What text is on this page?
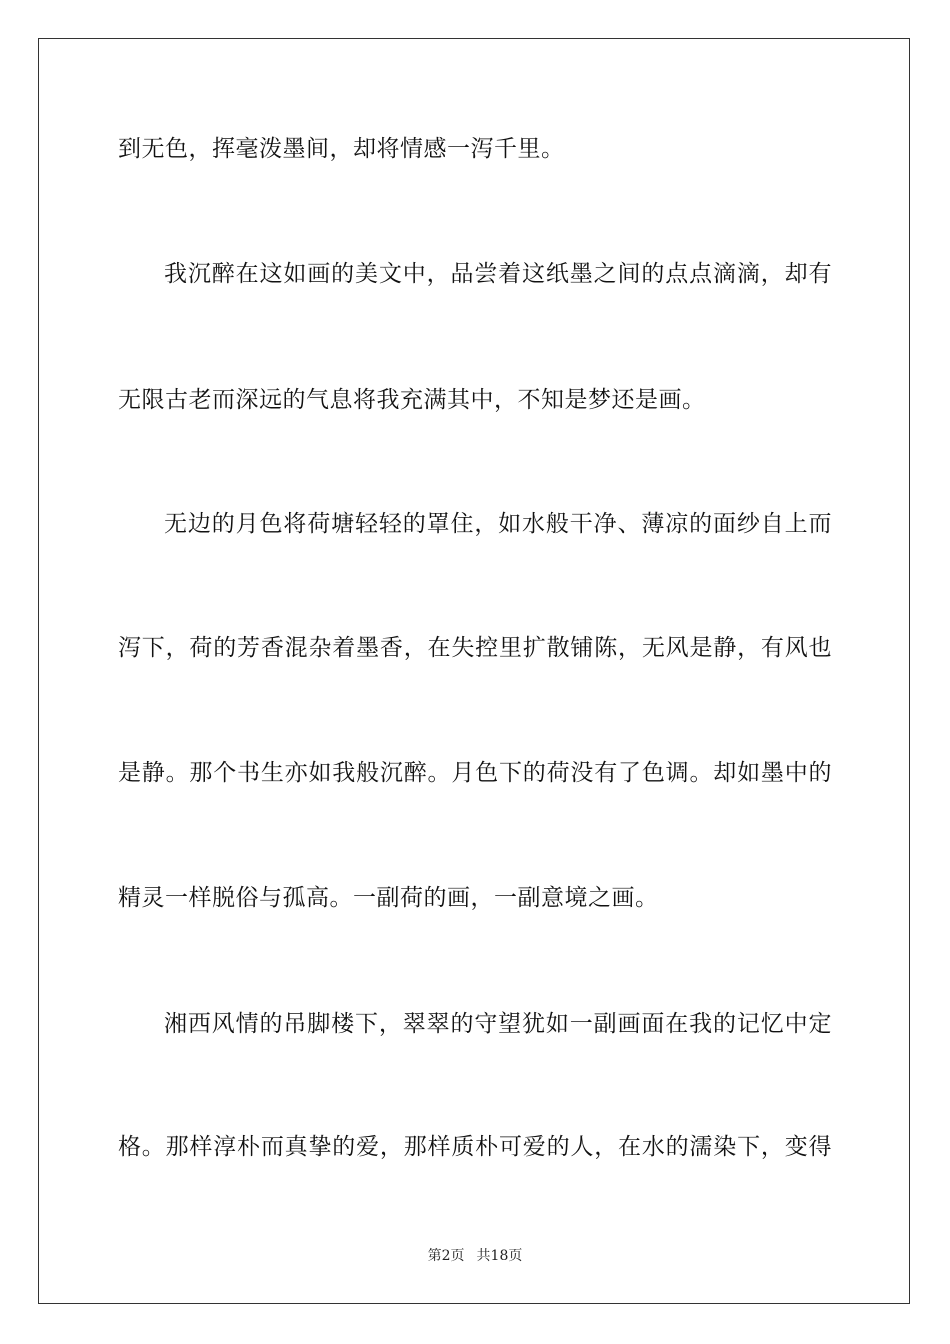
到无色，挥毫泼墨间，却将情感一泻千里。
我沉醉在这如画的美文中，品尝着这纸墨之间的点点滴滴，却有
无限古老而深远的气息将我充满其中，不知是梦还是画。
无边的月色将荷塘轻轻的罩住，如水般干净、薄凉的面纱自上而
泻下，荷的芳香混杂着墨香，在失控里扩散铺陈，无风是静，有风也
是静。那个书生亦如我般沉醉。月色下的荷没有了色调。却如墨中的
精灵一样脱俗与孤高。一副荷的画，一副意境之画。
湘西风情的吊脚楼下，翠翠的守望犹如一副画面在我的记忆中定
格。那样淳朴而真挚的爱，那样质朴可爱的人，在水的濡染下，变得
第2页 共18页
